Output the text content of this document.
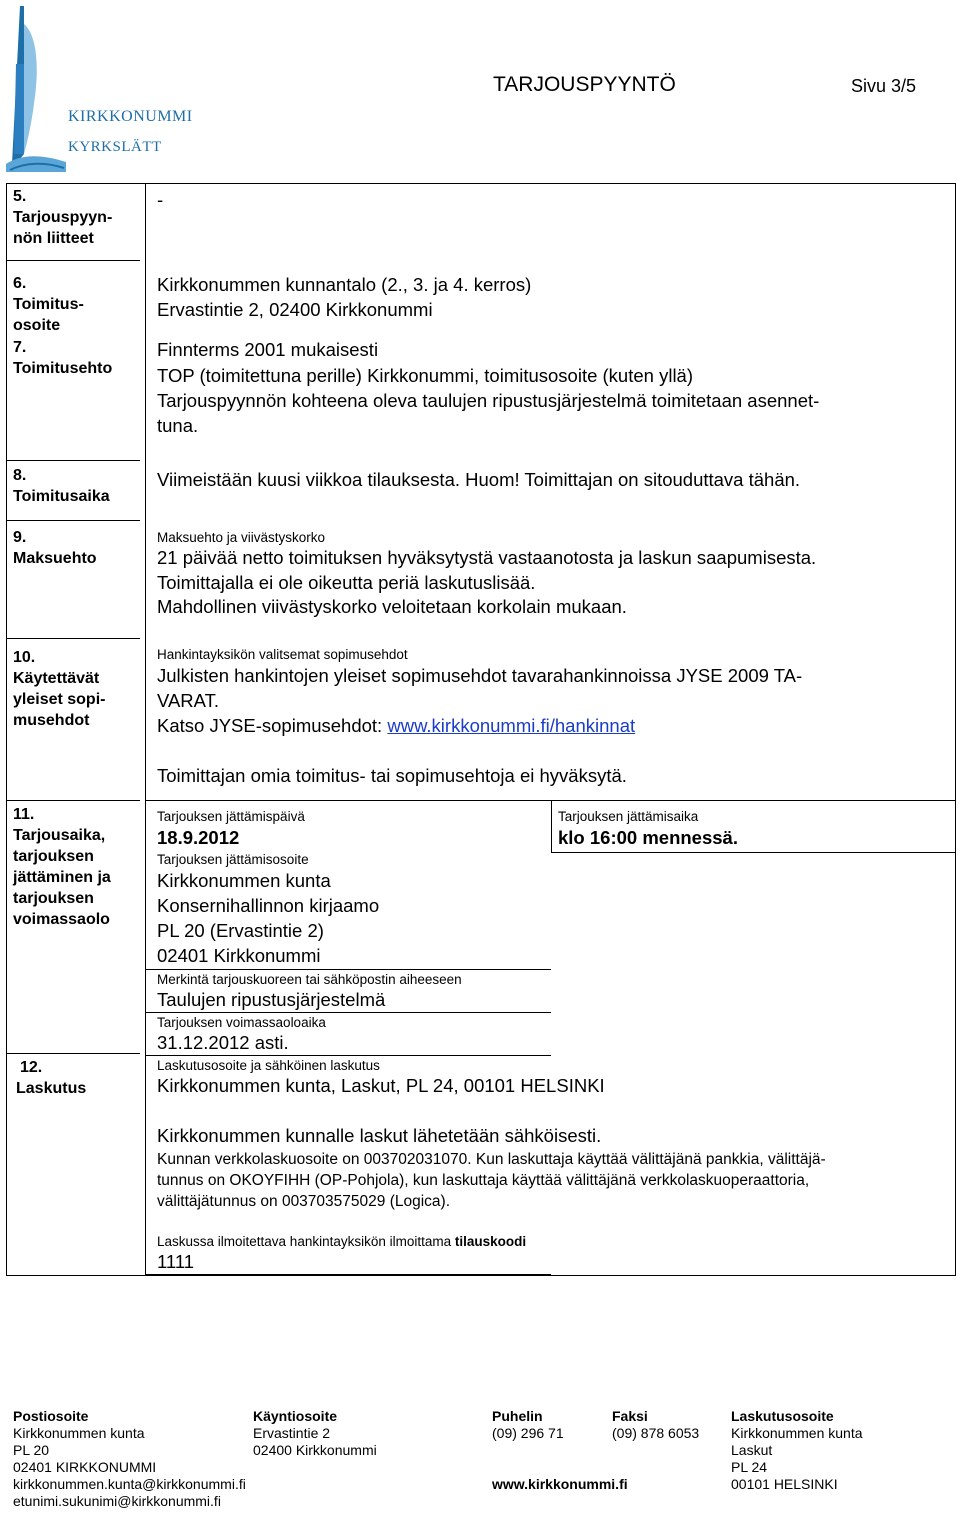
KIRKKONUMMI
KYRKSLÄTT
TARJOUSPYYNTÖ	Sivu 3/5
5.
Tarjouspyyn-
nön liitteet
-
6.
Toimitus-
osoite
Kirkkonummen kunnantalo (2., 3. ja 4. kerros)
Ervastintie 2, 02400 Kirkkonummi
7.
Toimitusehto
Finnterms 2001 mukaisesti
TOP (toimitettuna perille) Kirkkonummi, toimitusosoite (kuten yllä)
Tarjouspyynnön kohteena oleva taulujen ripustusjärjestelmä toimitetaan asennet-
tuna.
8.
Toimitusaika
Viimeistään kuusi viikkoa tilauksesta. Huom! Toimittajan on sitouduttava tähän.
9.
Maksuehto
Maksuehto ja viivästyskorko
21 päivää netto toimituksen hyväksytystä vastaanotosta ja laskun saapumisesta.
Toimittajalla ei ole oikeutta periä laskutuslisää.
Mahdollinen viivästyskorko veloitetaan korkolain mukaan.
10.
Käytettävät
yleiset sopi-
musehdot
Hankintayksikön valitsemat sopimusehdot
Julkisten hankintojen yleiset sopimusehdot tavarahankinnoissa JYSE 2009 TA-
VARAT.
Katso JYSE-sopimusehdot: www.kirkkonummi.fi/hankinnat
Toimittajan omia toimitus- tai sopimusehtoja ei hyväksytä.
11.
Tarjousaika,
tarjouksen
jättäminen ja
tarjouksen
voimassaolo
Tarjouksen jättämispäivä
18.9.2012
Tarjouksen jättämisaika
klo 16:00 mennessä.
Tarjouksen jättämisosoite
Kirkkonummen kunta
Konsernihallinnon kirjaamo
PL 20 (Ervastintie 2)
02401 Kirkkonummi
Merkintä tarjouskuoreen tai sähköpostin aiheeseen
Taulujen ripustusjärjestelmä
Tarjouksen voimassaoloaika
31.12.2012 asti.
12.
Laskutus
Laskutusosoite ja sähköinen laskutus
Kirkkonummen kunta, Laskut, PL 24, 00101 HELSINKI
Kirkkonummen kunnalle laskut lähetetään sähköisesti.
Kunnan verkkolaskuosoite on 003702031070. Kun laskuttaja käyttää välittäjänä pankkia, välittäjä-
tunnus on OKOYFIHH (OP-Pohjola), kun laskuttaja käyttää välittäjänä verkkolaskuoperaattoria,
välittäjätunnus on 003703575029 (Logica).
Laskussa ilmoitettava hankintayksikön ilmoittama tilauskoodi
1111
Postiosoite
Kirkkonummen kunta
PL 20
02401 KIRKKONUMMI
kirkkonummen.kunta@kirkkonummi.fi
etunimi.sukunimi@kirkkonummi.fi
Käyntiosoite
Ervastintie 2
02400 Kirkkonummi
Puhelin
(09) 296 71
www.kirkkonummi.fi
Faksi
(09) 878 6053
Laskutusosoite
Kirkkonummen kunta
Laskut
PL 24
00101 HELSINKI
